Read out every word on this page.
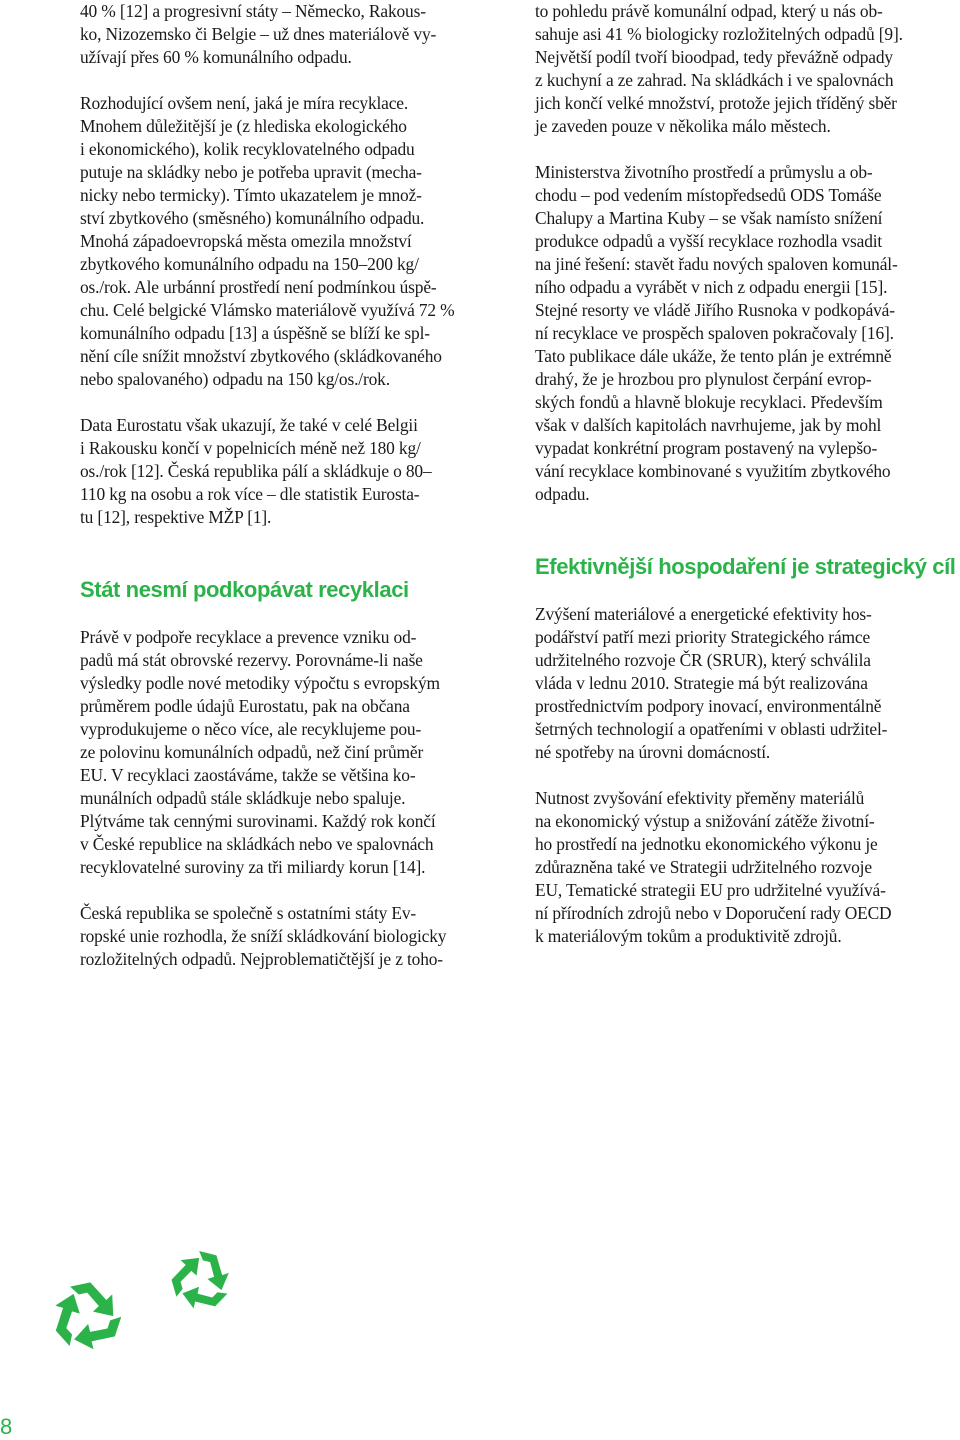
40 % [12] a progresivní státy – Německo, Rakous-
ko, Nizozemsko či Belgie – už dnes materiálově vy-
užívají přes 60 % komunálního odpadu.
Rozhodující ovšem není, jaká je míra recyklace.
Mnohem důležitější je (z hlediska ekologického
i ekonomického), kolik recyklovatelného odpadu
putuje na skládky nebo je potřeba upravit (mecha-
nicky nebo termicky). Tímto ukazatelem je množ-
ství zbytkového (směsného) komunálního odpadu.
Mnohá západoevropská města omezila množství
zbytkového komunálního odpadu na 150–200 kg/
os./rok. Ale urbánní prostředí není podmínkou úspě-
chu. Celé belgické Vlámsko materiálově využívá 72 %
komunálního odpadu [13] a úspěšně se blíží ke spl-
nění cíle snížit množství zbytkového (skládkovaného
nebo spalovaného) odpadu na 150 kg/os./rok.
Data Eurostatu však ukazují, že také v celé Belgii
i Rakousku končí v popelnicích méně než 180 kg/
os./rok [12]. Česká republika pálí a skládkuje o 80–
110 kg na osobu a rok více – dle statistik Eurosta-
tu [12], respektive MŽP [1].
Stát nesmí podkopávat recyklaci
Právě v podpoře recyklace a prevence vzniku od-
padů má stát obrovské rezervy. Porovnáme-li naše
výsledky podle nové metodiky výpočtu s evropským
průměrem podle údajů Eurostatu, pak na občana
vyprodukujeme o něco více, ale recyklujeme pou-
ze polovinu komunálních odpadů, než činí průměr
EU. V recyklaci zaostáváme, takže se většina ko-
munálních odpadů stále skládkuje nebo spaluje.
Plýtváme tak cennými surovinami. Každý rok končí
v České republice na skládkách nebo ve spalovnách
recyklovatelné suroviny za tři miliardy korun [14].
Česká republika se společně s ostatními státy Ev-
ropské unie rozhodla, že sníží skládkování biologicky
rozložitelných odpadů. Nejproblematičtější je z toho-
to pohledu právě komunální odpad, který u nás ob-
sahuje asi 41 % biologicky rozložitelných odpadů [9].
Největší podíl tvoří bioodpad, tedy převážně odpady
z kuchyní a ze zahrad. Na skládkách i ve spalovnách
jich končí velké množství, protože jejich tříděný sběr
je zaveden pouze v několika málo městech.
Ministerstva životního prostředí a průmyslu a ob-
chodu – pod vedením místopředsedů ODS Tomáše
Chalupy a Martina Kuby – se však namísto snížení
produkce odpadů a vyšší recyklace rozhodla vsadit
na jiné řešení: stavět řadu nových spaloven komunál-
ního odpadu a vyrábět v nich z odpadu energii [15].
Stejné resorty ve vládě Jiřího Rusnoka v podkopává-
ní recyklace ve prospěch spaloven pokračovaly [16].
Tato publikace dále ukáže, že tento plán je extrémně
drahý, že je hrozbou pro plynulost čerpání evrop-
ských fondů a hlavně blokuje recyklaci. Především
však v dalších kapitolách navrhujeme, jak by mohl
vypadat konkrétní program postavený na vylepšo-
vání recyklace kombinované s využitím zbytkového
odpadu.
Efektivnější hospodaření je strategický cíl
Zvýšení materiálové a energetické efektivity hos-
podářství patří mezi priority Strategického rámce
udržitelného rozvoje ČR (SRUR), který schválila
vláda v lednu 2010. Strategie má být realizována
prostřednictvím podpory inovací, environmentálně
šetrných technologií a opatřeními v oblasti udržitel-
né spotřeby na úrovni domácností.
Nutnost zvyšování efektivity přeměny materiálů
na ekonomický výstup a snižování zátěže životní-
ho prostředí na jednotku ekonomického výkonu je
zdůrazněna také ve Strategii udržitelného rozvoje
EU, Tematické strategii EU pro udržitelné využívá-
ní přírodních zdrojů nebo v Doporučení rady OECD
k materiálovým tokům a produktivitě zdrojů.
8
